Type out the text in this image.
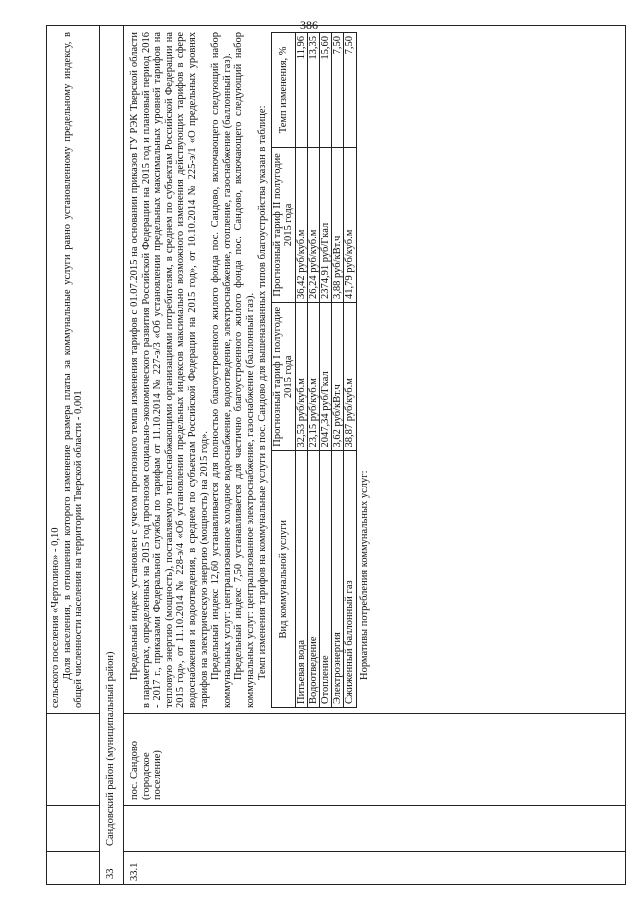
386

сельского поселения «Чертолино» - 0,10 Доля населения, в отношении которого изменение размера платы за коммунальные услуги равно установленному предельному индексу, в общей численности населения на территории Тверской области - 0,001

33
Сандовский район (муниципальный район)
33.1
пос. Сандово (городское поселение)

Предельный индекс установлен с учетом прогнозного темпа изменения тарифов с 01.07.2015 на основании приказов ГУ РЭК Тверской области в параметрах, определенных на 2015 год прогнозом социально-экономического развития Российской Федерации на 2015 год и плановый период 2016 - 2017 г., приказами Федеральной службы по тарифам от 11.10.2014 № 227-э/3 «Об установлении предельных максимальных уровней тарифов на тепловую энергию (мощность), поставляемую теплоснабжающими организациями потребителям, в среднем по субъектам Российской Федерации на 2015 год», от 11.10.2014 № 228-э/4 «Об установлении предельных индексов максимально возможного изменения действующих тарифов в сфере водоснабжения и водоотведения, в среднем по субъектам Российской Федерации на 2015 год», от 10.10.2014 № 225-э/1 «О предельных уровнях тарифов на электрическую энергию (мощность) на 2015 год». Предельный индекс 12,60 устанавливается для полностью благоустроенного жилого фонда пос. Сандово, включающего следующий набор коммунальных услуг: централизованное холодное водоснабжение, водоотведение, электроснабжение, отопление, газоснабжение (баллонный газ). Предельный индекс 7,50 устанавливается для частично благоустроенного жилого фонда пос. Сандово, включающего следующий набор коммунальных услуг: централизованное электроснабжение, газоснабжение (баллонный газ). Темп изменения тарифов на коммунальные услуги в пос. Сандово для вышеназванных типов благоустройства указан в таблице: Вид коммунальной услуги	Прогнозный тариф I полугодие 2015 года	Прогнозный тариф II полугодие 2015 года	Темп изменения, %
Питьевая вода	32,53 руб/куб.м	36,42 руб/куб.м	11,96
Водоотведение	23,15 руб/куб.м	26,24 руб/куб.м	13,35
Отопление	2047,34 руб/Гкал	2374,91 руб/Гкал	15,60
Электроэнергия	3,62 руб/кВт.ч	3,88 руб/кВт.ч	7,50
Сжиженный баллонный газ	38,87 руб/куб.м	41,79 руб/куб.м	7,50

Нормативы потребления коммунальных услуг:
